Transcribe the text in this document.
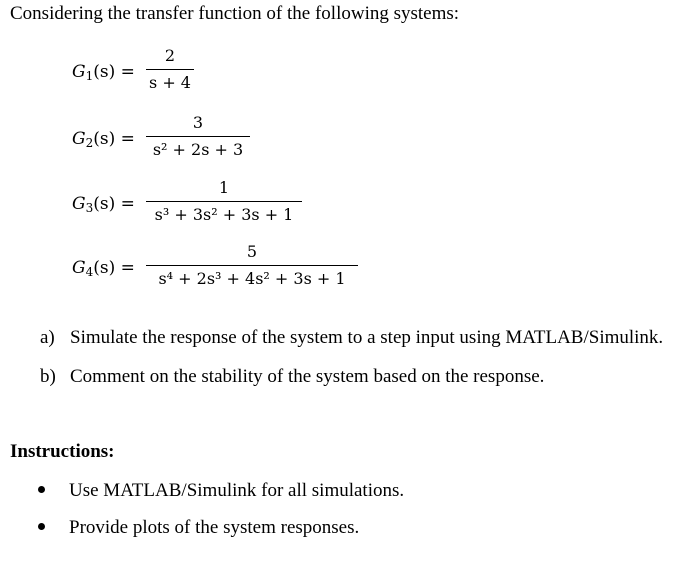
Considering the transfer function of the following systems:
$G_1(s)$ =
2
s + 4
$G_2(s)$ =
3
s² + 2s + 3
$G_3(s)$ =
1
s³ + 3s² + 3s + 1
$G_4(s)$ =
5
s⁴ + 2s³ + 4s² + 3s + 1
a) Simulate the response of the system to a step input using MATLAB/Simulink.
b) Comment on the stability of the system based on the response.
Instructions:
Use MATLAB/Simulink for all simulations.
Provide plots of the system responses.
